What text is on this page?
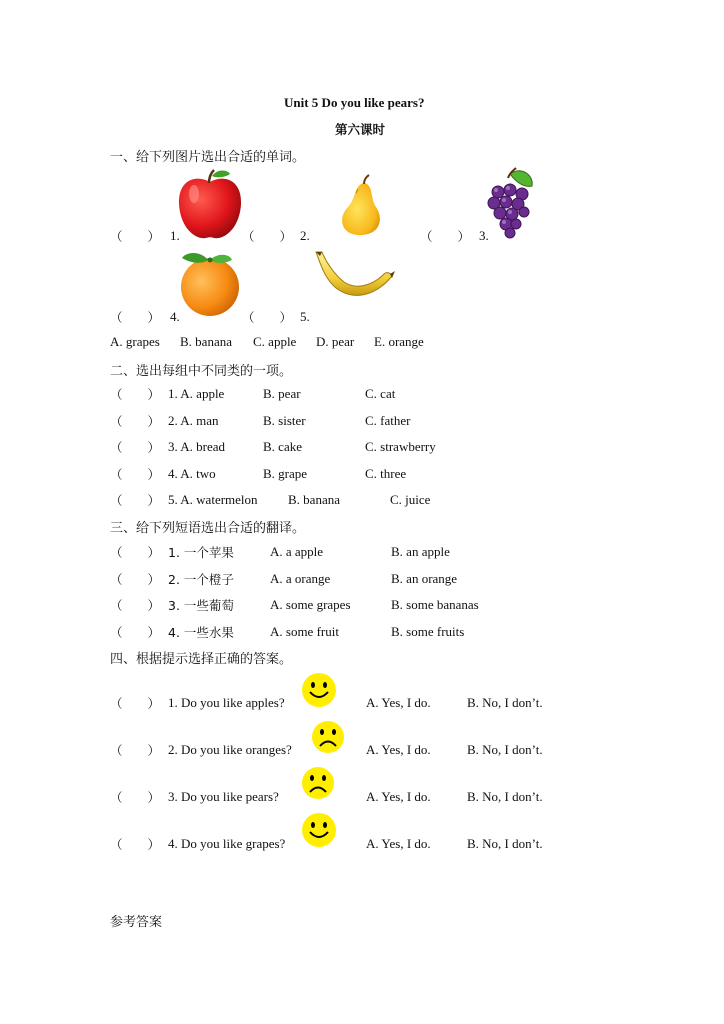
Unit 5 Do you like pears?
第六课时
一、给下列图片选出合适的单词。
（　　） 1.	（　　） 2.	（　　） 3.
（　　） 4.	（　　） 5.
A. grapes B. banana C. apple D. pear E. orange
二、选出每组中不同类的一项。
（　　） 1. A. apple	B. pear	C. cat
（　　） 2. A. man	B. sister	C. father
（　　） 3. A. bread	B. cake	C. strawberry
（　　） 4. A. two	B. grape	C. three
（　　） 5. A. watermelon B. banana	C. juice
三、给下列短语选出合适的翻译。
（　　） 1. 一个苹果	A. a apple	B. an apple
（　　） 2. 一个橙子	A. a orange	B. an orange
（　　） 3. 一些葡萄	A. some grapes	B. some bananas
（　　） 4. 一些水果	A. some fruit	B. some fruits
四、根据提示选择正确的答案。
（　　） 1. Do you like apples?	A. Yes, I do.	B. No, I don’t.
（　　） 2. Do you like oranges?	A. Yes, I do.	B. No, I don’t.
（　　） 3. Do you like pears?	A. Yes, I do.	B. No, I don’t.
（　　） 4. Do you like grapes?	A. Yes, I do.	B. No, I don’t.
参考答案
